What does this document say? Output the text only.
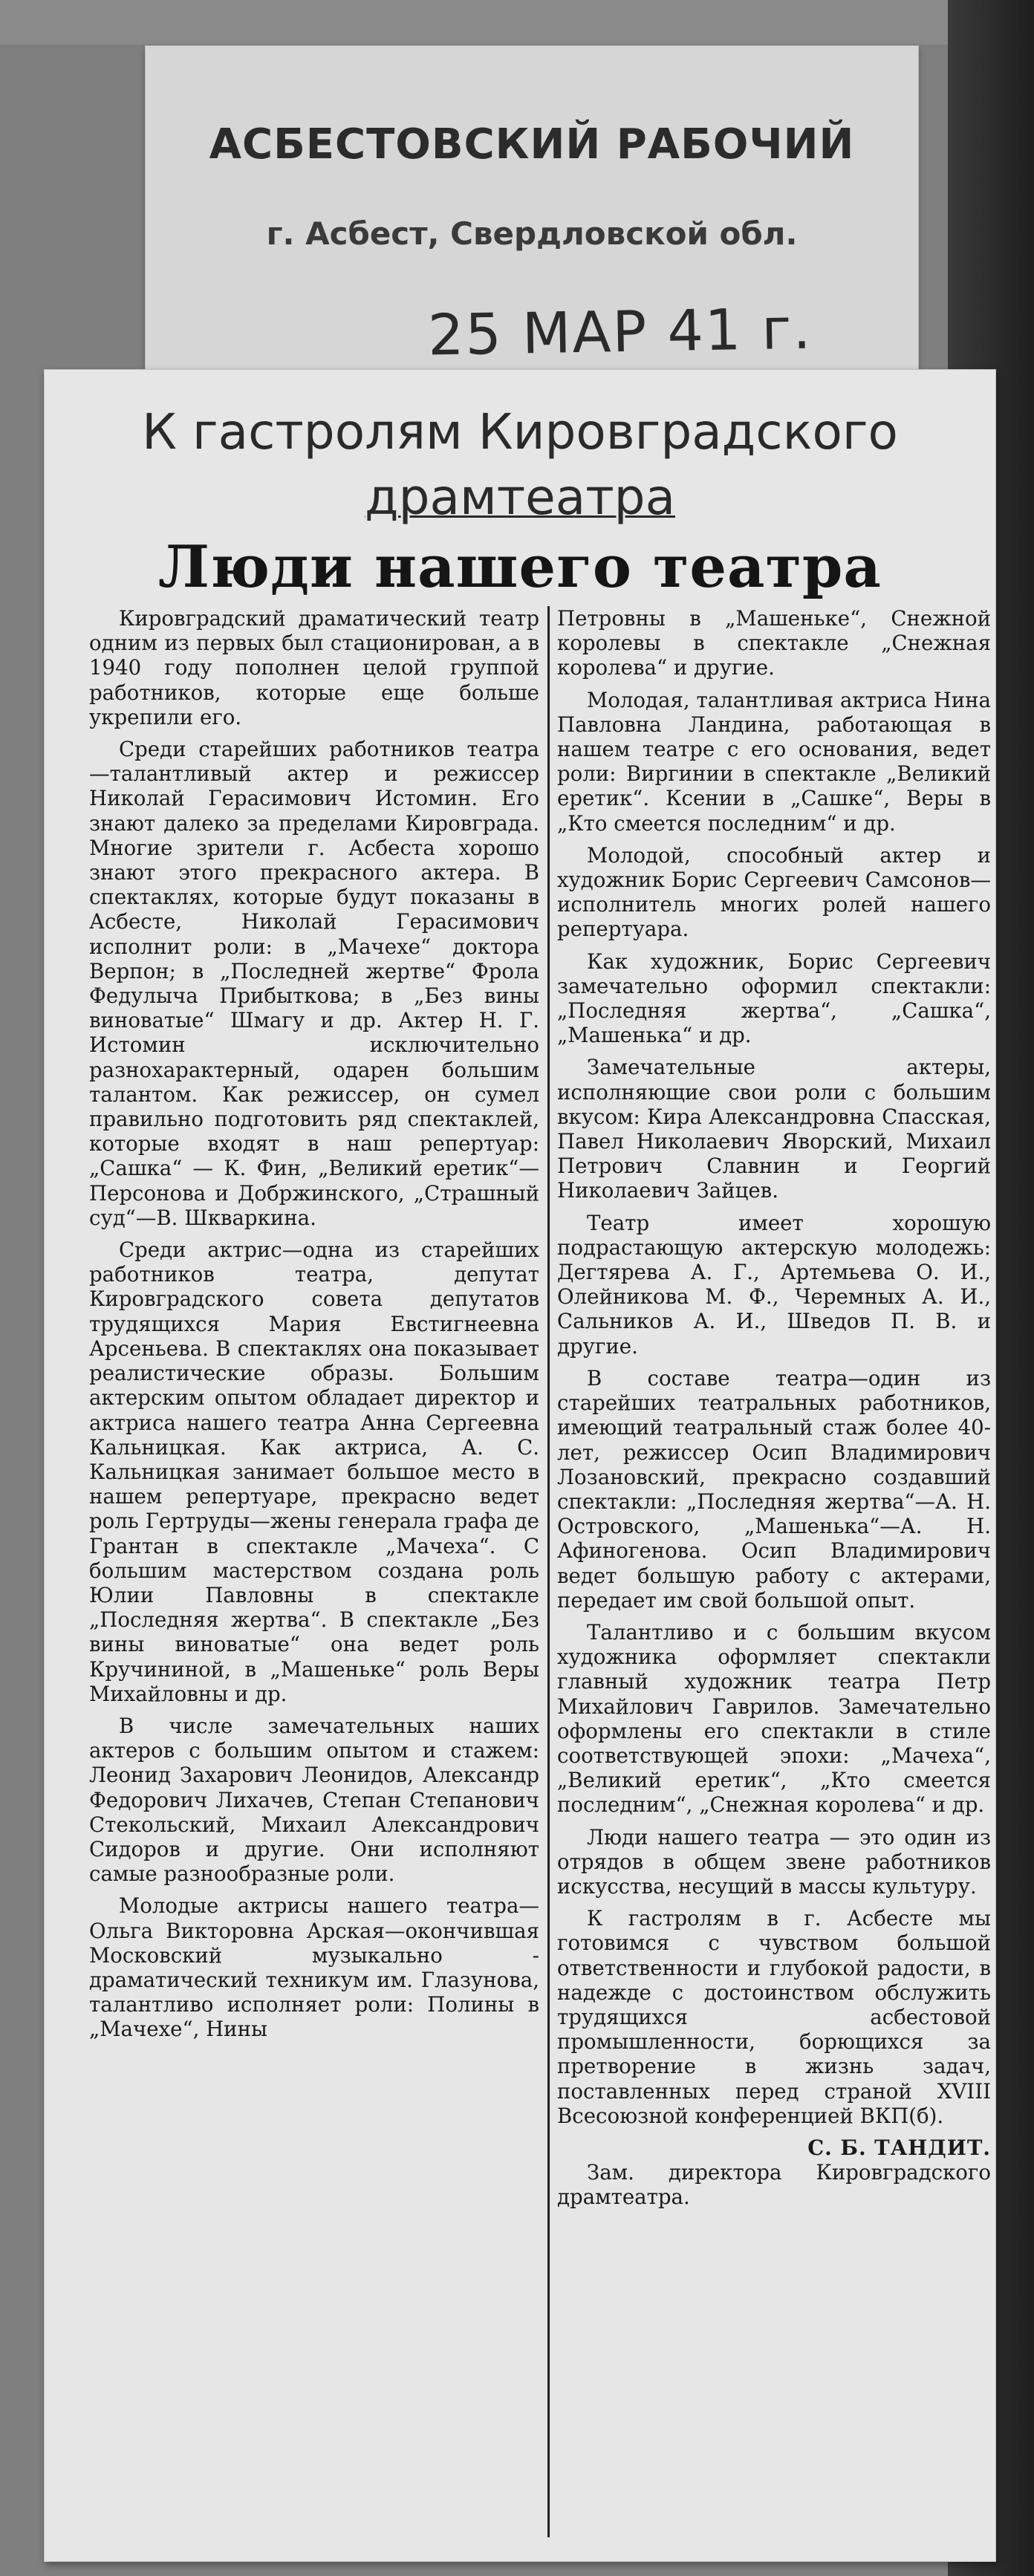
АСБЕСТОВСКИЙ РАБОЧИЙ
г. Асбест, Свердловской обл.
25 МАР 41 г.
К гастролям Кировградского
драмтеатра
Люди нашего театра

Кировградский драматический театр одним из первых был стационирован, а в 1940 году пополнен целой группой работников, которые еще больше укрепили его.

Среди старейших работников театра—талантливый актер и режиссер Николай Герасимович Истомин. Его знают далеко за пределами Кировграда. Многие зрители г. Асбеста хорошо знают этого прекрасного актера. В спектаклях, которые будут показаны в Асбесте, Николай Герасимович исполнит роли: в „Мачехе“ доктора Верпон; в „Последней жертве“ Фрола Федулыча Прибыткова; в „Без вины виноватые“ Шмагу и др. Актер Н. Г. Истомин исключительно разнохарактерный, одарен большим талантом. Как режиссер, он сумел правильно подготовить ряд спектаклей, которые входят в наш репертуар: „Сашка“ — К. Фин, „Великий еретик“—Персонова и Добржинского, „Страшный суд“—В. Шкваркина.

Среди актрис—одна из старейших работников театра, депутат Кировградского совета депутатов трудящихся Мария Евстигнеевна Арсеньева. В спектаклях она показывает реалистические образы. Большим актерским опытом обладает директор и актриса нашего театра Анна Сергеевна Кальницкая. Как актриса, А. С. Кальницкая занимает большое место в нашем репертуаре, прекрасно ведет роль Гертруды—жены генерала графа де Грантан в спектакле „Мачеха“. С большим мастерством создана роль Юлии Павловны в спектакле „Последняя жертва“. В спектакле „Без вины виноватые“ она ведет роль Кручининой, в „Машеньке“ роль Веры Михайловны и др.

В числе замечательных наших актеров с большим опытом и стажем: Леонид Захарович Леонидов, Александр Федорович Лихачев, Степан Степанович Стекольский, Михаил Александрович Сидоров и другие. Они исполняют самые разнообразные роли.

Молодые актрисы нашего театра—Ольга Викторовна Арская—окончившая Московский музыкально - драматический техникум им. Глазунова, талантливо исполняет роли: Полины в „Мачехе“, Нины

Петровны в „Машеньке“, Снежной королевы в спектакле „Снежная королева“ и другие.

Молодая, талантливая актриса Нина Павловна Ландина, работающая в нашем театре с его основания, ведет роли: Виргинии в спектакле „Великий еретик“. Ксении в „Сашке“, Веры в „Кто смеется последним“ и др.

Молодой, способный актер и художник Борис Сергеевич Самсонов—исполнитель многих ролей нашего репертуара.

Как художник, Борис Сергеевич замечательно оформил спектакли: „Последняя жертва“, „Сашка“, „Машенька“ и др.

Замечательные актеры, исполняющие свои роли с большим вкусом: Кира Александровна Спасская, Павел Николаевич Яворский, Михаил Петрович Славнин и Георгий Николаевич Зайцев.

Театр имеет хорошую подрастающую актерскую молодежь: Дегтярева А. Г., Артемьева О. И., Олейникова М. Ф., Черемных А. И., Сальников А. И., Шведов П. В. и другие.

В составе театра—один из старейших театральных работников, имеющий театральный стаж более 40-лет, режиссер Осип Владимирович Лозановский, прекрасно создавший спектакли: „Последняя жертва“—А. Н. Островского, „Машенька“—А. Н. Афиногенова. Осип Владимирович ведет большую работу с актерами, передает им свой большой опыт.

Талантливо и с большим вкусом художника оформляет спектакли главный художник театра Петр Михайлович Гаврилов. Замечательно оформлены его спектакли в стиле соответствующей эпохи: „Мачеха“, „Великий еретик“, „Кто смеется последним“, „Снежная королева“ и др.

Люди нашего театра — это один из отрядов в общем звене работников искусства, несущий в массы культуру.

К гастролям в г. Асбесте мы готовимся с чувством большой ответственности и глубокой радости, в надежде с достоинством обслужить трудящихся асбестовой промышленности, борющихся за претворение в жизнь задач, поставленных перед страной XVIII Всесоюзной конференцией ВКП(б).

С. Б. ТАНДИТ.

Зам. директора Кировградского драмтеатра.
